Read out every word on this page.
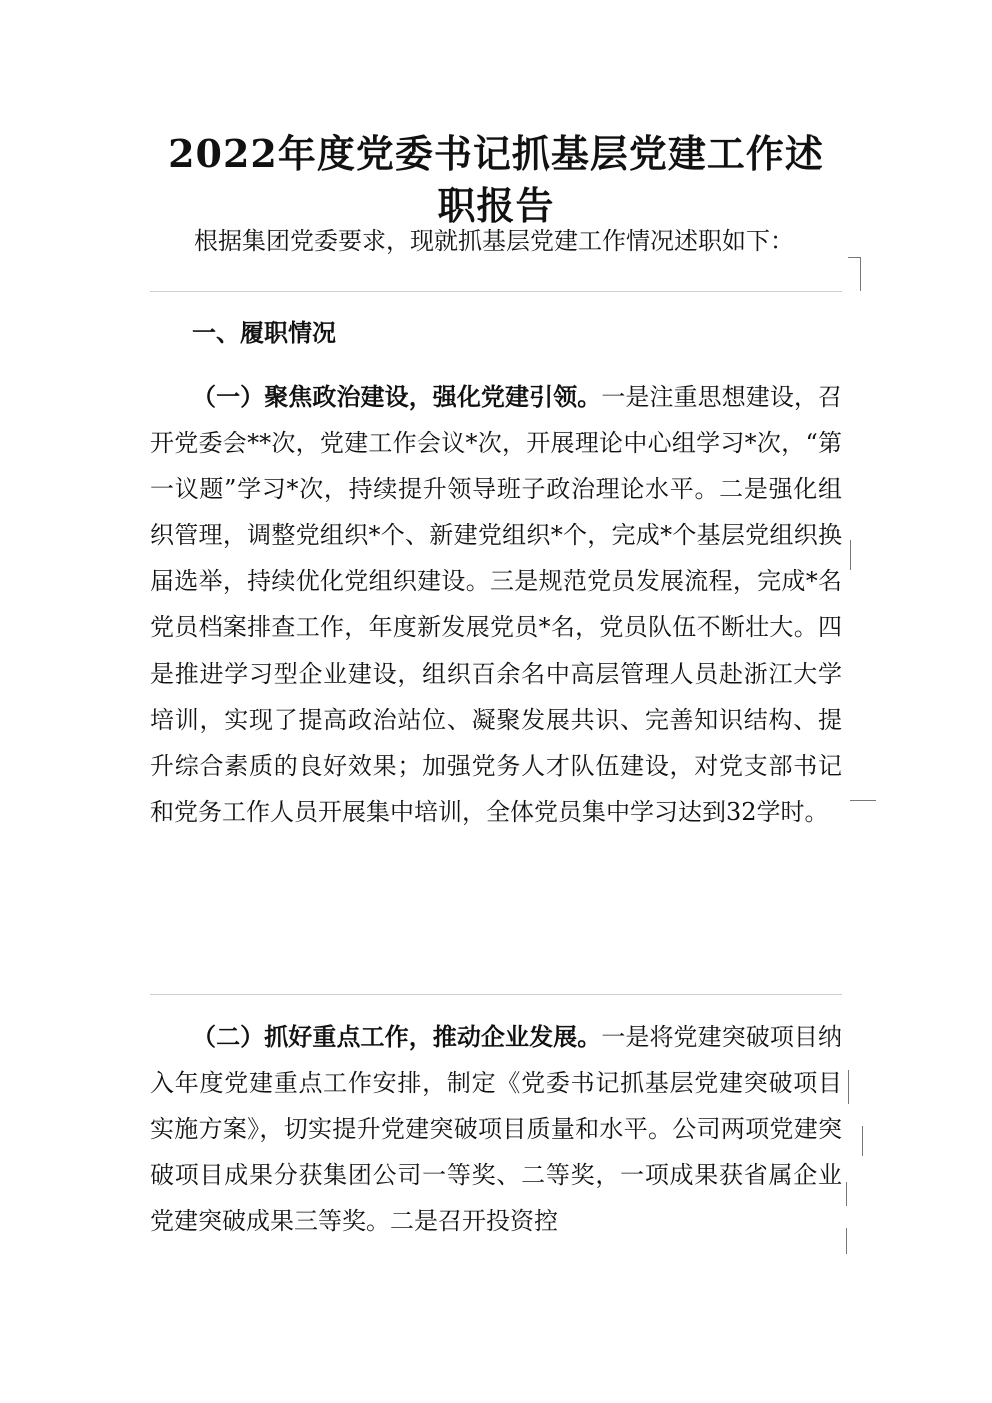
2022年度党委书记抓基层党建工作述职报告
根据集团党委要求，现就抓基层党建工作情况述职如下：
一、履职情况
（一）聚焦政治建设，强化党建引领。一是注重思想建设，召开党委会**次，党建工作会议*次，开展理论中心组学习*次，“第一议题”学习*次，持续提升领导班子政治理论水平。二是强化组织管理，调整党组织*个、新建党组织*个，完成*个基层党组织换届选举，持续优化党组织建设。三是规范党员发展流程，完成*名党员档案排查工作，年度新发展党员*名，党员队伍不断壮大。四是推进学习型企业建设，组织百余名中高层管理人员赴浙江大学培训，实现了提高政治站位、凝聚发展共识、完善知识结构、提升综合素质的良好效果；加强党务人才队伍建设，对党支部书记和党务工作人员开展集中培训，全体党员集中学习达到32学时。
（二）抓好重点工作，推动企业发展。一是将党建突破项目纳入年度党建重点工作安排，制定《党委书记抓基层党建突破项目实施方案》，切实提升党建突破项目质量和水平。公司两项党建突破项目成果分获集团公司一等奖、二等奖，一项成果获省属企业党建突破成果三等奖。二是召开投资控
